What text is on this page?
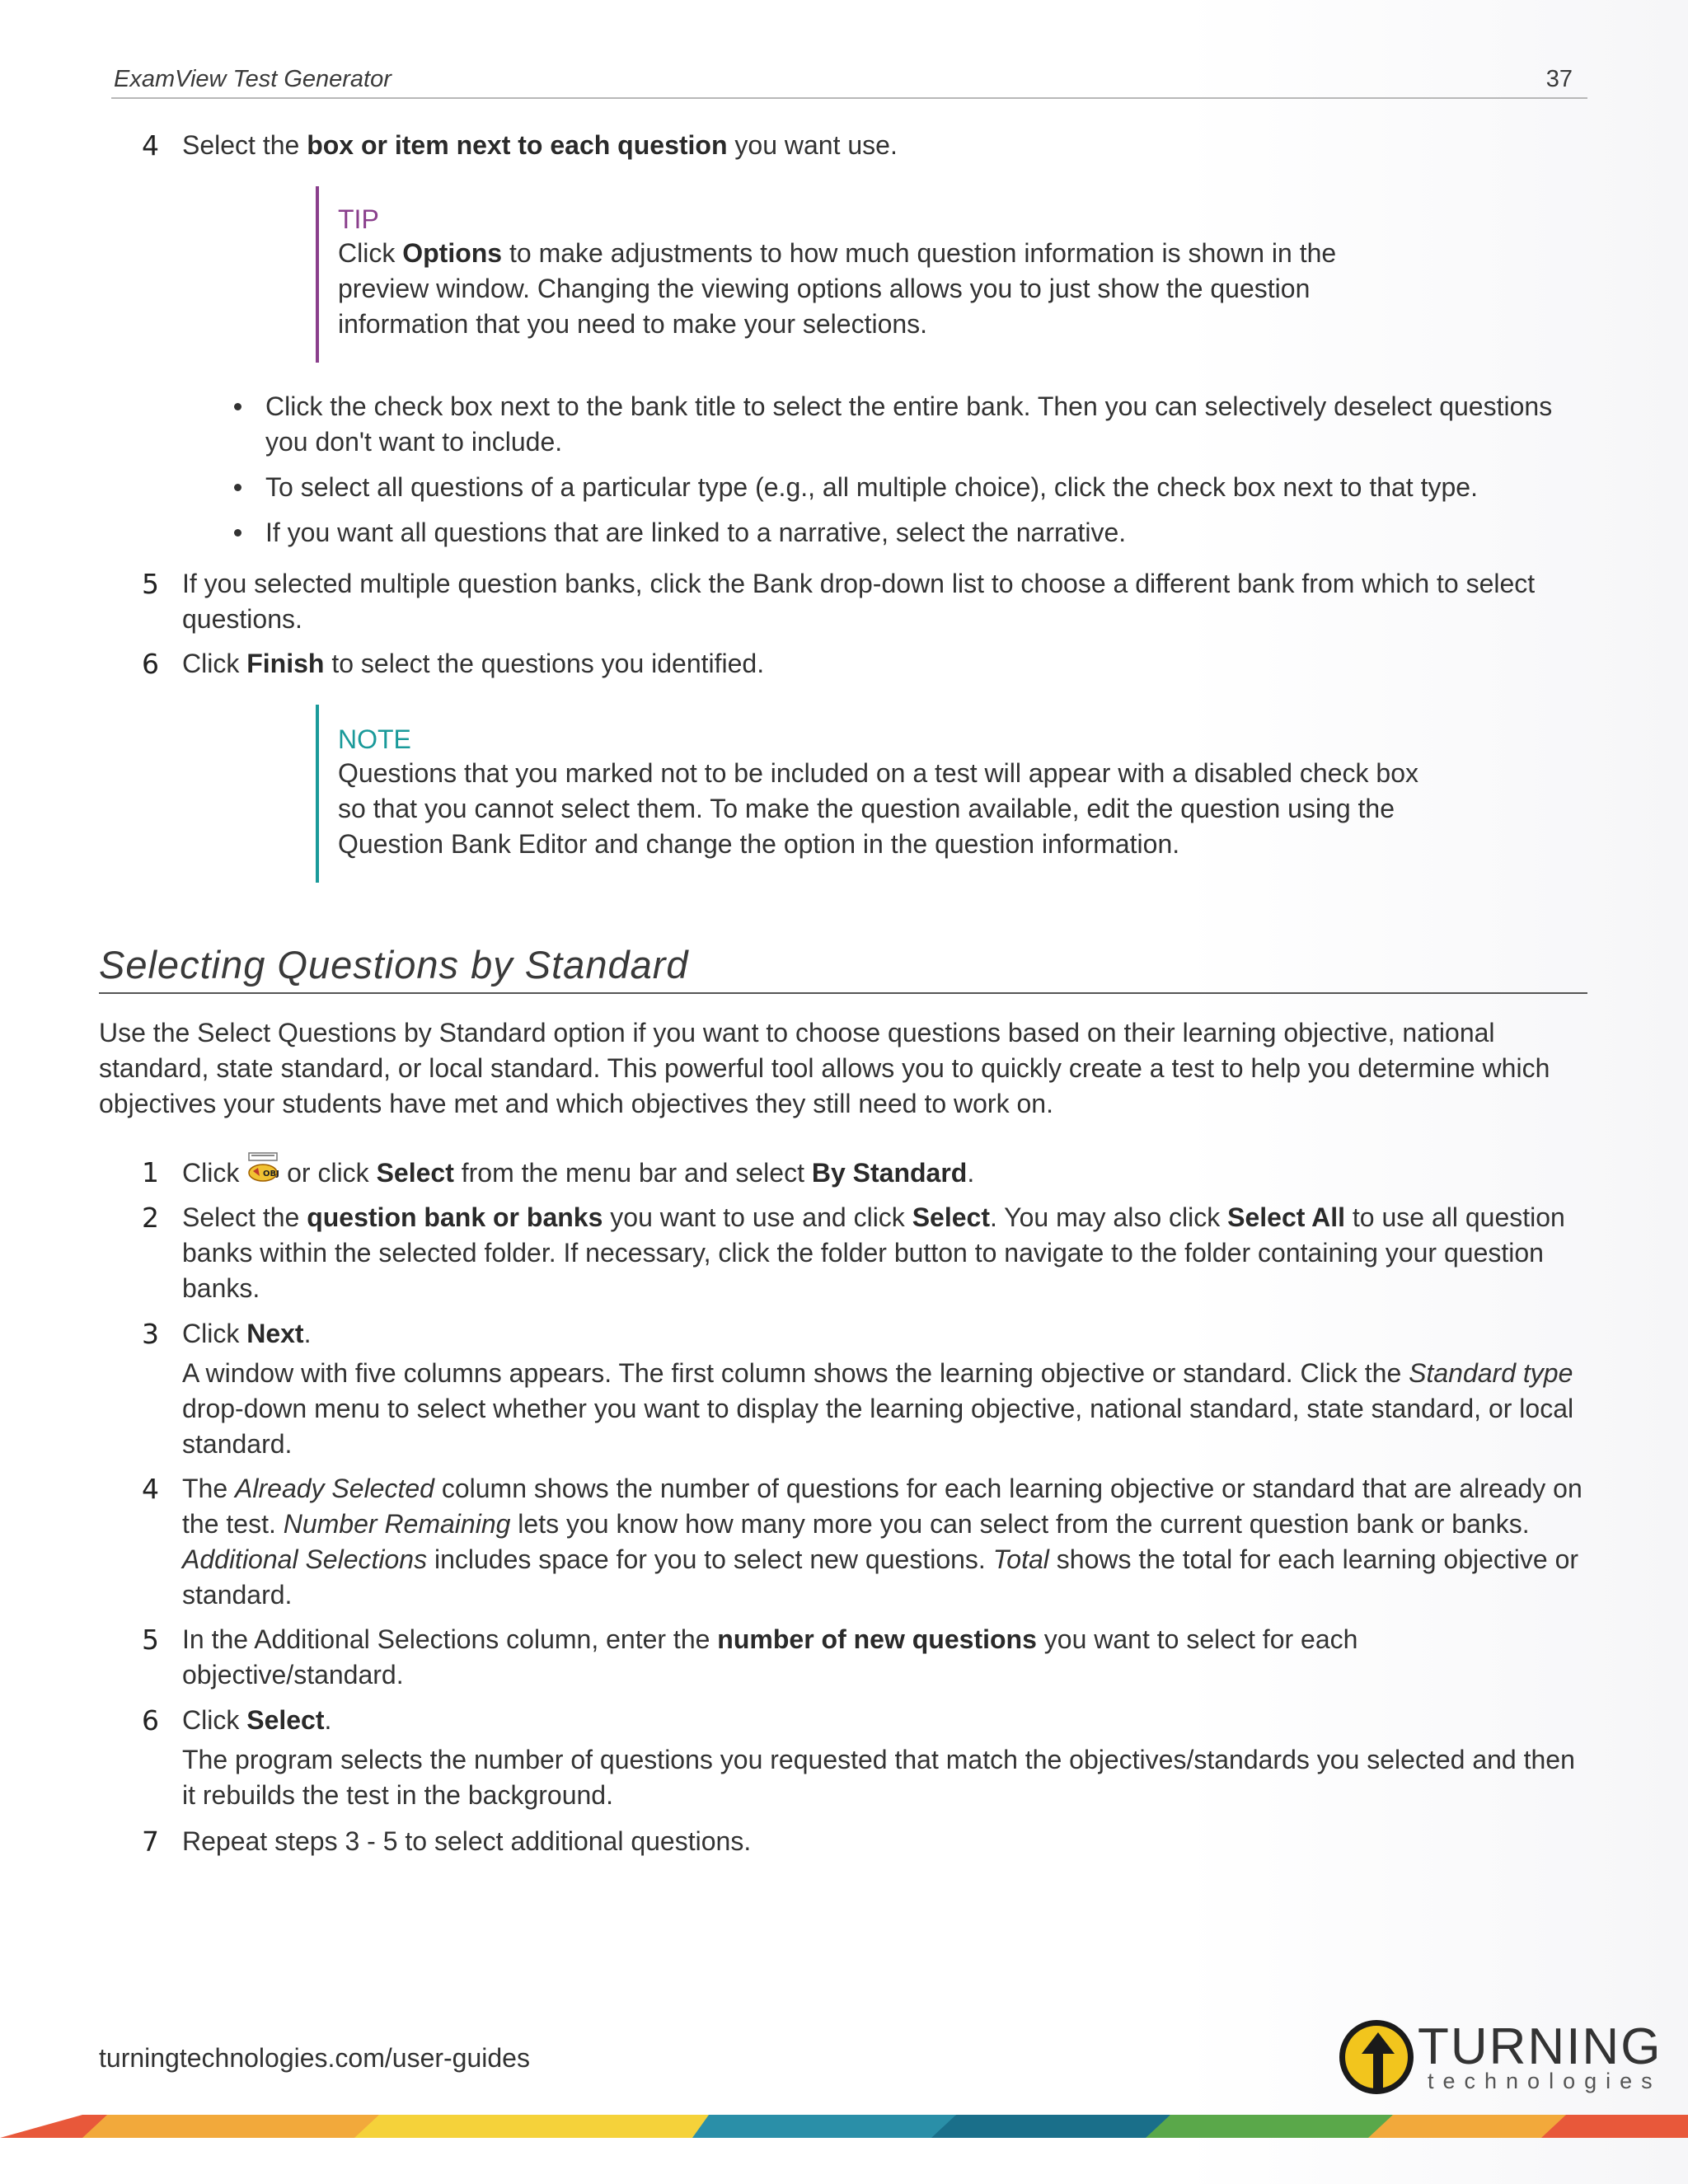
ExamView Test Generator	37
4 Select the box or item next to each question you want use.

TIP
Click Options to make adjustments to how much question information is shown in the preview window. Changing the viewing options allows you to just show the question information that you need to make your selections.
Click the check box next to the bank title to select the entire bank. Then you can selectively deselect questions you don't want to include.
To select all questions of a particular type (e.g., all multiple choice), click the check box next to that type.
If you want all questions that are linked to a narrative, select the narrative.
5 If you selected multiple question banks, click the Bank drop-down list to choose a different bank from which to select questions.

6 Click Finish to select the questions you identified.

NOTE
Questions that you marked not to be included on a test will appear with a disabled check box so that you cannot select them. To make the question available, edit the question using the Question Bank Editor and change the option in the question information.
Selecting Questions by Standard
Use the Select Questions by Standard option if you want to choose questions based on their learning objective, national standard, state standard, or local standard. This powerful tool allows you to quickly create a test to help you determine which objectives your students have met and which objectives they still need to work on.
1 Click OBJ or click Select from the menu bar and select By Standard.

2 Select the question bank or banks you want to use and click Select. You may also click Select All to use all question banks within the selected folder. If necessary, click the folder button to navigate to the folder containing your question banks.

3 Click Next.

A window with five columns appears. The first column shows the learning objective or standard. Click the Standard type drop-down menu to select whether you want to display the learning objective, national standard, state standard, or local standard.

4 The Already Selected column shows the number of questions for each learning objective or standard that are already on the test. Number Remaining lets you know how many more you can select from the current question bank or banks. Additional Selections includes space for you to select new questions. Total shows the total for each learning objective or standard.

5 In the Additional Selections column, enter the number of new questions you want to select for each objective/standard.

6 Click Select.

The program selects the number of questions you requested that match the objectives/standards you selected and then it rebuilds the test in the background.

7 Repeat steps 3 - 5 to select additional questions.

turningtechnologies.com/user-guides	TURNING
technologies
